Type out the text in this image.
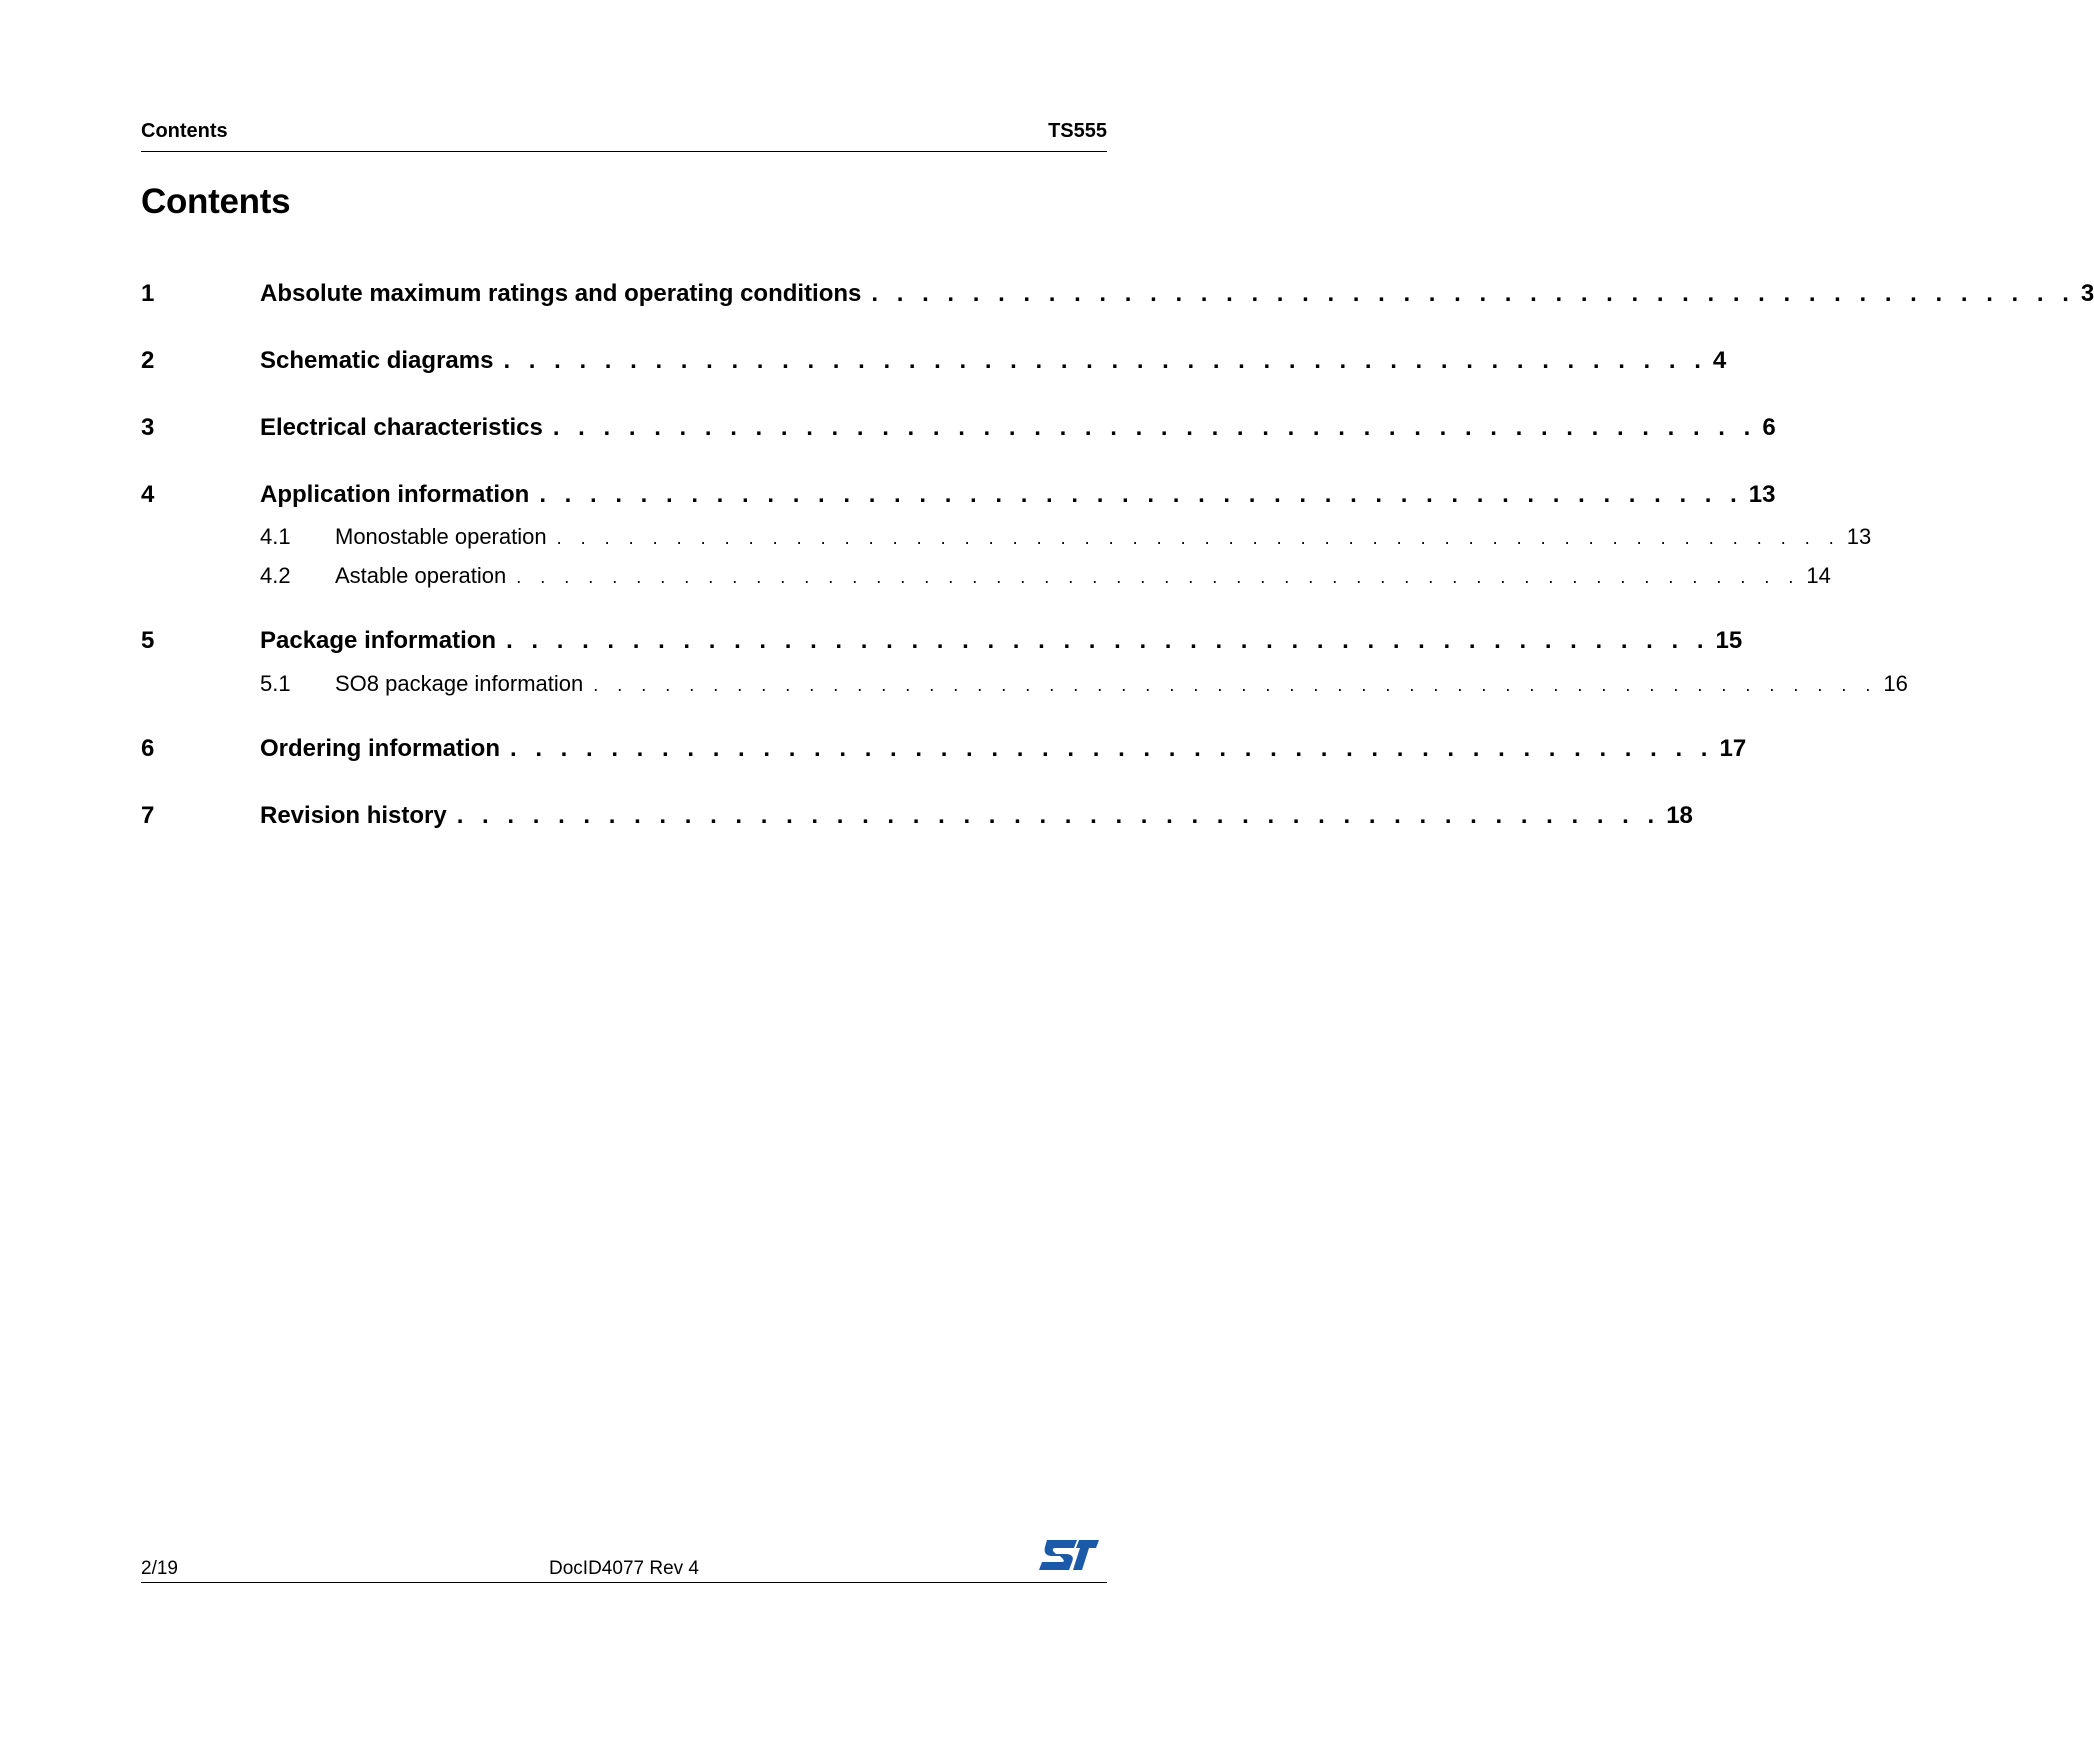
Contents	TS555
Contents
1	Absolute maximum ratings and operating conditions . . . . . . . . . . . . . . . . . . . . . . . . . . . . . . . . . . . . . . . . . . . . . . . . 3
2	Schematic diagrams . . . . . . . . . . . . . . . . . . . . . . . . . . . . . . . . . . . . . . . . . . . . . . . . 4
3	Electrical characteristics . . . . . . . . . . . . . . . . . . . . . . . . . . . . . . . . . . . . . . . . . . . . . . . . 6
4	Application information . . . . . . . . . . . . . . . . . . . . . . . . . . . . . . . . . . . . . . . . . . . . . . . . 13
4.1	Monostable operation . . . . . . . . . . . . . . . . . . . . . . . . . . . . . . . . . . . . . . . . . . . . . . . . . . . . . . 13
4.2	Astable operation . . . . . . . . . . . . . . . . . . . . . . . . . . . . . . . . . . . . . . . . . . . . . . . . . . . . . . 14
5	Package information . . . . . . . . . . . . . . . . . . . . . . . . . . . . . . . . . . . . . . . . . . . . . . . . 15
5.1	SO8 package information . . . . . . . . . . . . . . . . . . . . . . . . . . . . . . . . . . . . . . . . . . . . . . . . . . . . . . 16
6	Ordering information . . . . . . . . . . . . . . . . . . . . . . . . . . . . . . . . . . . . . . . . . . . . . . . . 17
7	Revision history . . . . . . . . . . . . . . . . . . . . . . . . . . . . . . . . . . . . . . . . . . . . . . . . 18
2/19	DocID4077 Rev 4
